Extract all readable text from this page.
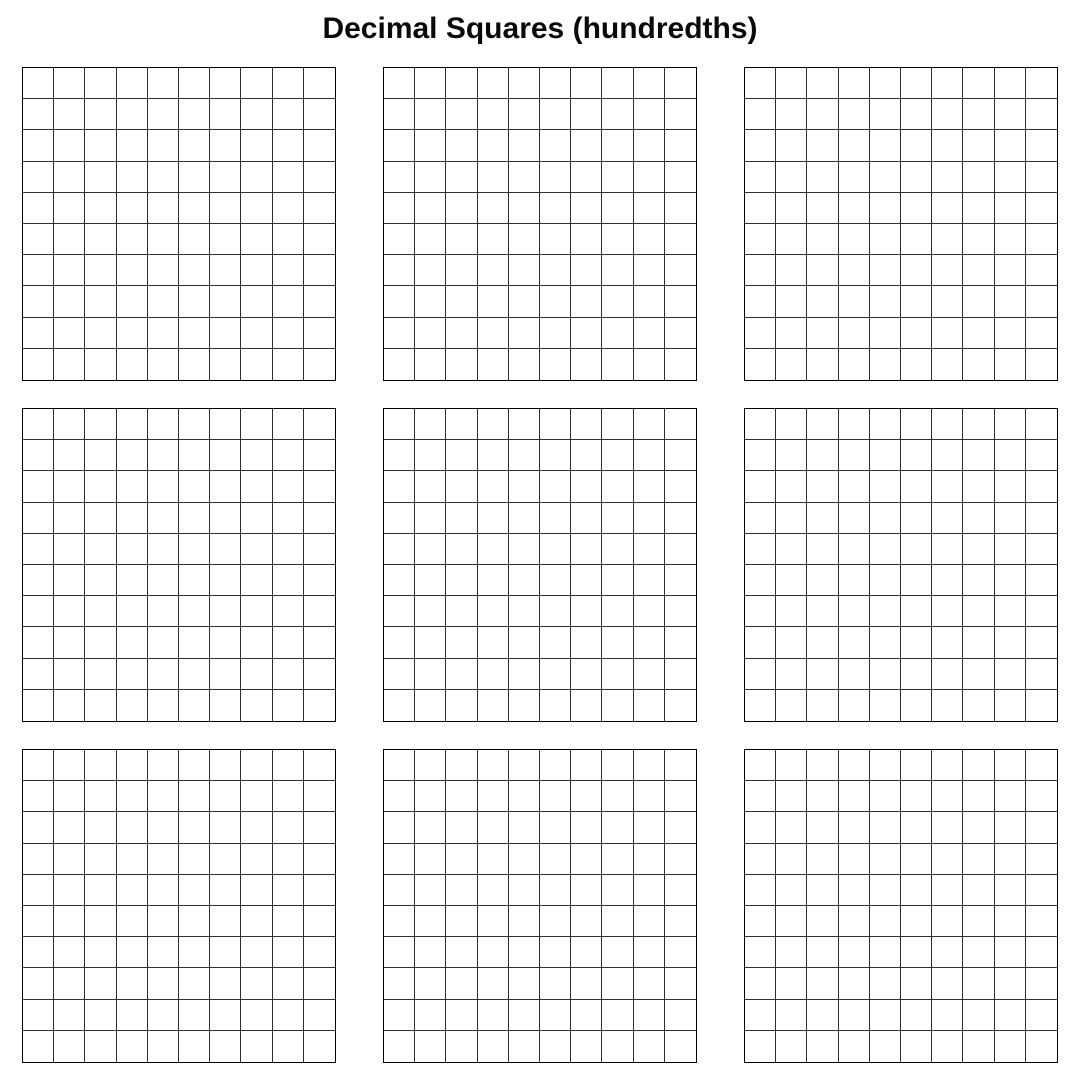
Decimal Squares (hundredths)
